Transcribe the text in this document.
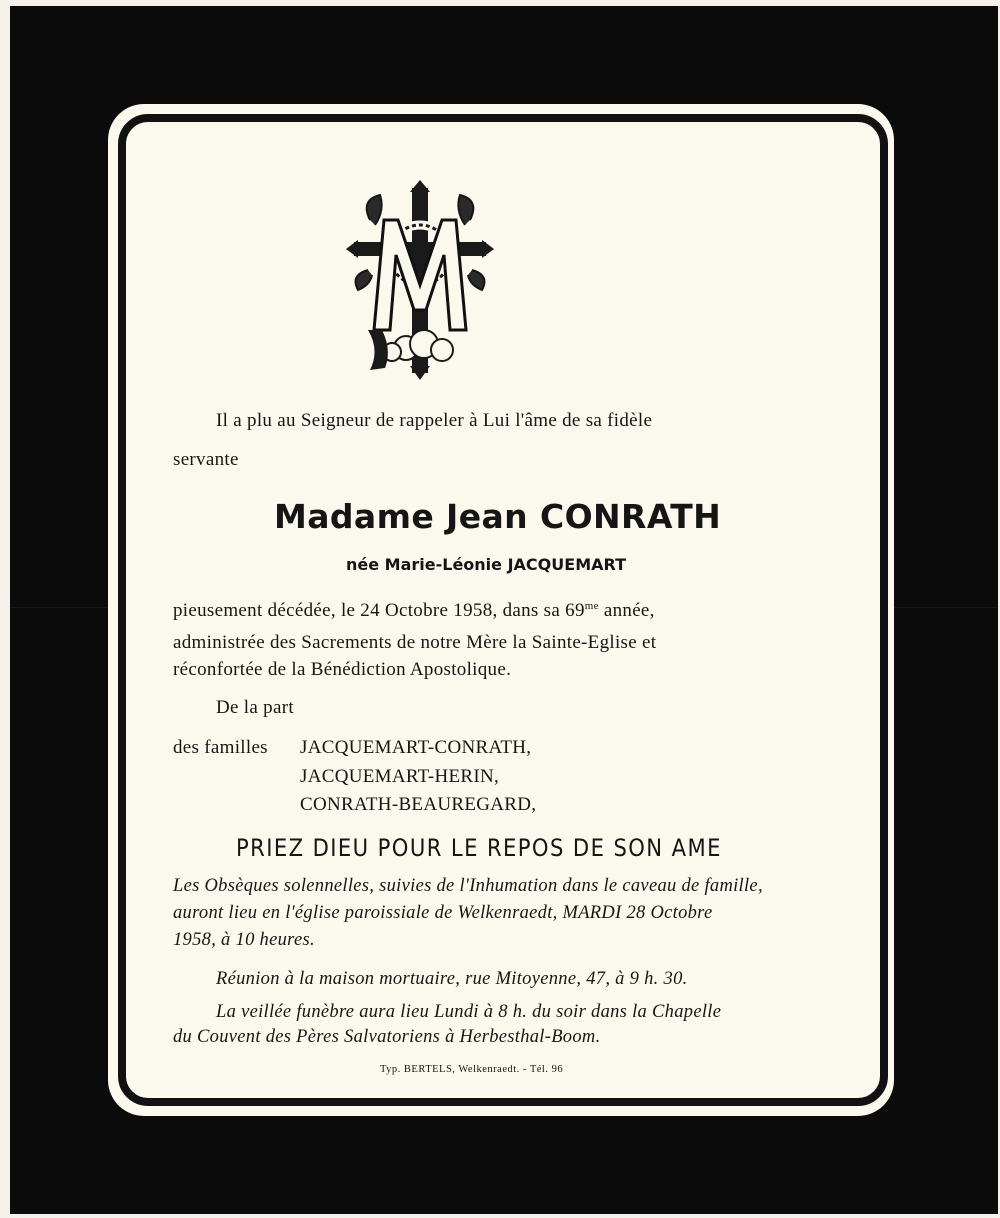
Il a plu au Seigneur de rappeler à Lui l'âme de sa fidèle

servante

Madame Jean CONRATH

née Marie-Léonie JACQUEMART

pieusement décédée, le 24 Octobre 1958, dans sa $69^{me}$ année,

administrée des Sacrements de notre Mère la Sainte-Eglise et

réconfortée de la Bénédiction Apostolique.

De la part

des familles JACQUEMART-CONRATH,

JACQUEMART-HERIN,

CONRATH-BEAUREGARD,

PRIEZ DIEU POUR LE REPOS DE SON AME

Les Obsèques solennelles, suivies de l'Inhumation dans le caveau de famille,

auront lieu en l'église paroissiale de Welkenraedt, MARDI 28 Octobre

1958, à 10 heures.

Réunion à la maison mortuaire, rue Mitoyenne, 47, à 9 h. 30.

La veillée funèbre aura lieu Lundi à 8 h. du soir dans la Chapelle

du Couvent des Pères Salvatoriens à Herbesthal-Boom.

Typ. BERTELS, Welkenraedt. - Tél. 96
